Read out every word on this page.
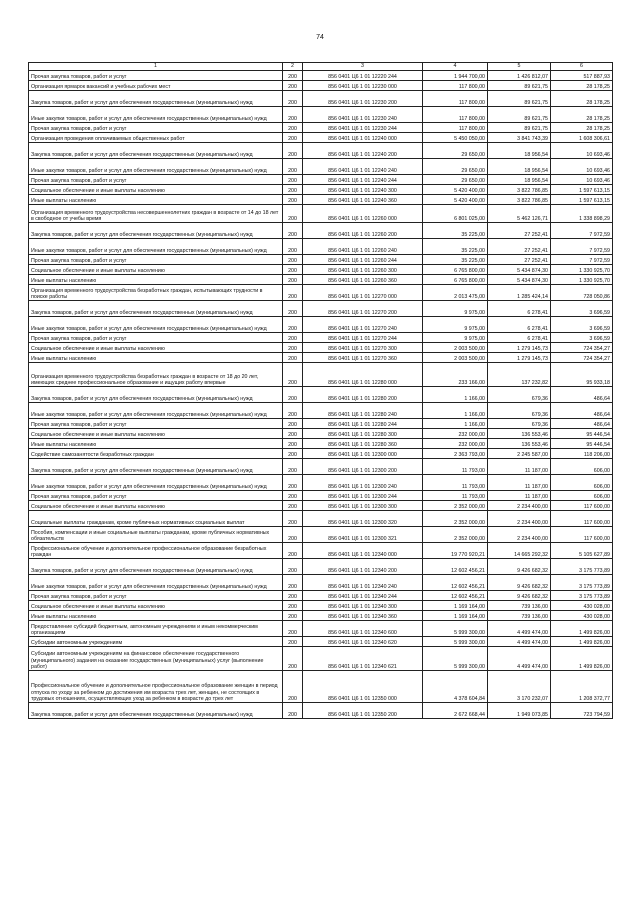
74
1	2	3	4	5	6
Прочая закупка товаров, работ и услуг	200	856 0401 Ц6 1 01 12220 244	1 944 700,00	1 426 812,07	517 887,93
Организация ярмарок вакансий и учебных рабочих мест	200	856 0401 Ц6 1 01 12230 000	117 800,00	89 621,75	28 178,25
Закупка товаров, работ и услуг для обеспечения государственных (муниципальных) нужд	200	856 0401 Ц6 1 01 12230 200	117 800,00	89 621,75	28 178,25
Иные закупки товаров, работ и услуг для обеспечения государственных (муниципальных) нужд	200	856 0401 Ц6 1 01 12230 240	117 800,00	89 621,75	28 178,25
Прочая закупка товаров, работ и услуг	200	856 0401 Ц6 1 01 12230 244	117 800,00	89 621,75	28 178,25
Организация проведения оплачиваемых общественных работ	200	856 0401 Ц6 1 01 12240 000	5 450 050,00	3 841 743,39	1 608 306,61
Закупка товаров, работ и услуг для обеспечения государственных (муниципальных) нужд	200	856 0401 Ц6 1 01 12240 200	29 650,00	18 956,54	10 693,46
Иные закупки товаров, работ и услуг для обеспечения государственных (муниципальных) нужд	200	856 0401 Ц6 1 01 12240 240	29 650,00	18 956,54	10 693,46
Прочая закупка товаров, работ и услуг	200	856 0401 Ц6 1 01 12240 244	29 650,00	18 956,54	10 693,46
Социальное обеспечение и иные выплаты населению	200	856 0401 Ц6 1 01 12240 300	5 420 400,00	3 822 786,85	1 597 613,15
Иные выплаты населению	200	856 0401 Ц6 1 01 12240 360	5 420 400,00	3 822 786,85	1 597 613,15
Организация временного трудоустройства несовершеннолетних граждан в возрасте от 14 до 18 лет в свободное от учебы время	200	856 0401 Ц6 1 01 12260 000	6 801 025,00	5 462 126,71	1 338 898,29
Закупка товаров, работ и услуг для обеспечения государственных (муниципальных) нужд	200	856 0401 Ц6 1 01 12260 200	35 225,00	27 252,41	7 972,59
Иные закупки товаров, работ и услуг для обеспечения государственных (муниципальных) нужд	200	856 0401 Ц6 1 01 12260 240	35 225,00	27 252,41	7 972,59
Прочая закупка товаров, работ и услуг	200	856 0401 Ц6 1 01 12260 244	35 225,00	27 252,41	7 972,59
Социальное обеспечение и иные выплаты населению	200	856 0401 Ц6 1 01 12260 300	6 765 800,00	5 434 874,30	1 330 925,70
Иные выплаты населению	200	856 0401 Ц6 1 01 12260 360	6 765 800,00	5 434 874,30	1 330 925,70
Организация временного трудоустройства безработных граждан, испытывающих трудности в поиске работы	200	856 0401 Ц6 1 01 12270 000	2 013 475,00	1 285 424,14	728 050,86
Закупка товаров, работ и услуг для обеспечения государственных (муниципальных) нужд	200	856 0401 Ц6 1 01 12270 200	9 975,00	6 278,41	3 696,59
Иные закупки товаров, работ и услуг для обеспечения государственных (муниципальных) нужд	200	856 0401 Ц6 1 01 12270 240	9 975,00	6 278,41	3 696,59
Прочая закупка товаров, работ и услуг	200	856 0401 Ц6 1 01 12270 244	9 975,00	6 278,41	3 696,59
Социальное обеспечение и иные выплаты населению	200	856 0401 Ц6 1 01 12270 300	2 003 500,00	1 279 145,73	724 354,27
Иные выплаты населению	200	856 0401 Ц6 1 01 12270 360	2 003 500,00	1 279 145,73	724 354,27
Организация временного трудоустройства безработных граждан в возрасте от 18 до 20 лет, имеющих среднее профессиональное образование и ищущих работу впервые	200	856 0401 Ц6 1 01 12280 000	233 166,00	137 232,82	95 933,18
Закупка товаров, работ и услуг для обеспечения государственных (муниципальных) нужд	200	856 0401 Ц6 1 01 12280 200	1 166,00	679,36	486,64
Иные закупки товаров, работ и услуг для обеспечения государственных (муниципальных) нужд	200	856 0401 Ц6 1 01 12280 240	1 166,00	679,36	486,64
Прочая закупка товаров, работ и услуг	200	856 0401 Ц6 1 01 12280 244	1 166,00	679,36	486,64
Социальное обеспечение и иные выплаты населению	200	856 0401 Ц6 1 01 12280 300	232 000,00	136 553,46	95 446,54
Иные выплаты населению	200	856 0401 Ц6 1 01 12280 360	232 000,00	136 553,46	95 446,54
Содействие самозанятости безработных граждан	200	856 0401 Ц6 1 01 12300 000	2 363 793,00	2 245 587,00	118 206,00
Закупка товаров, работ и услуг для обеспечения государственных (муниципальных) нужд	200	856 0401 Ц6 1 01 12300 200	11 793,00	11 187,00	606,00
Иные закупки товаров, работ и услуг для обеспечения государственных (муниципальных) нужд	200	856 0401 Ц6 1 01 12300 240	11 793,00	11 187,00	606,00
Прочая закупка товаров, работ и услуг	200	856 0401 Ц6 1 01 12300 244	11 793,00	11 187,00	606,00
Социальное обеспечение и иные выплаты населению	200	856 0401 Ц6 1 01 12300 300	2 352 000,00	2 234 400,00	117 600,00
Социальные выплаты гражданам, кроме публичных нормативных социальных выплат	200	856 0401 Ц6 1 01 12300 320	2 352 000,00	2 234 400,00	117 600,00
Пособия, компенсации и иные социальные выплаты гражданам, кроме публичных нормативных обязательств	200	856 0401 Ц6 1 01 12300 321	2 352 000,00	2 234 400,00	117 600,00
Профессиональное обучение и дополнительное профессиональное образование безработных граждан	200	856 0401 Ц6 1 01 12340 000	19 770 920,21	14 665 292,32	5 105 627,89
Закупка товаров, работ и услуг для обеспечения государственных (муниципальных) нужд	200	856 0401 Ц6 1 01 12340 200	12 602 456,21	9 426 682,32	3 175 773,89
Иные закупки товаров, работ и услуг для обеспечения государственных (муниципальных) нужд	200	856 0401 Ц6 1 01 12340 240	12 602 456,21	9 426 682,32	3 175 773,89
Прочая закупка товаров, работ и услуг	200	856 0401 Ц6 1 01 12340 244	12 602 456,21	9 426 682,32	3 175 773,89
Социальное обеспечение и иные выплаты населению	200	856 0401 Ц6 1 01 12340 300	1 169 164,00	739 136,00	430 028,00
Иные выплаты населению	200	856 0401 Ц6 1 01 12340 360	1 169 164,00	739 136,00	430 028,00
Предоставление субсидий бюджетным, автономным учреждениям и иным некоммерческим организациям	200	856 0401 Ц6 1 01 12340 600	5 999 300,00	4 499 474,00	1 499 826,00
Субсидии автономным учреждениям	200	856 0401 Ц6 1 01 12340 620	5 999 300,00	4 499 474,00	1 499 826,00
Субсидии автономным учреждениям на финансовое обеспечение государственного (муниципального) задания на оказание государственных (муниципальных) услуг (выполнение работ)	200	856 0401 Ц6 1 01 12340 621	5 999 300,00	4 499 474,00	1 499 826,00
Профессиональное обучение и дополнительное профессиональное образование женщин в период отпуска по уходу за ребенком до достижения им возраста трех лет, женщин, не состоящих в трудовых отношениях, осуществляющих уход за ребенком в возрасте до трех лет	200	856 0401 Ц6 1 01 12350 000	4 378 604,84	3 170 232,07	1 208 372,77
Закупка товаров, работ и услуг для обеспечения государственных (муниципальных) нужд	200	856 0401 Ц6 1 01 12350 200	2 672 668,44	1 949 073,85	723 794,59
